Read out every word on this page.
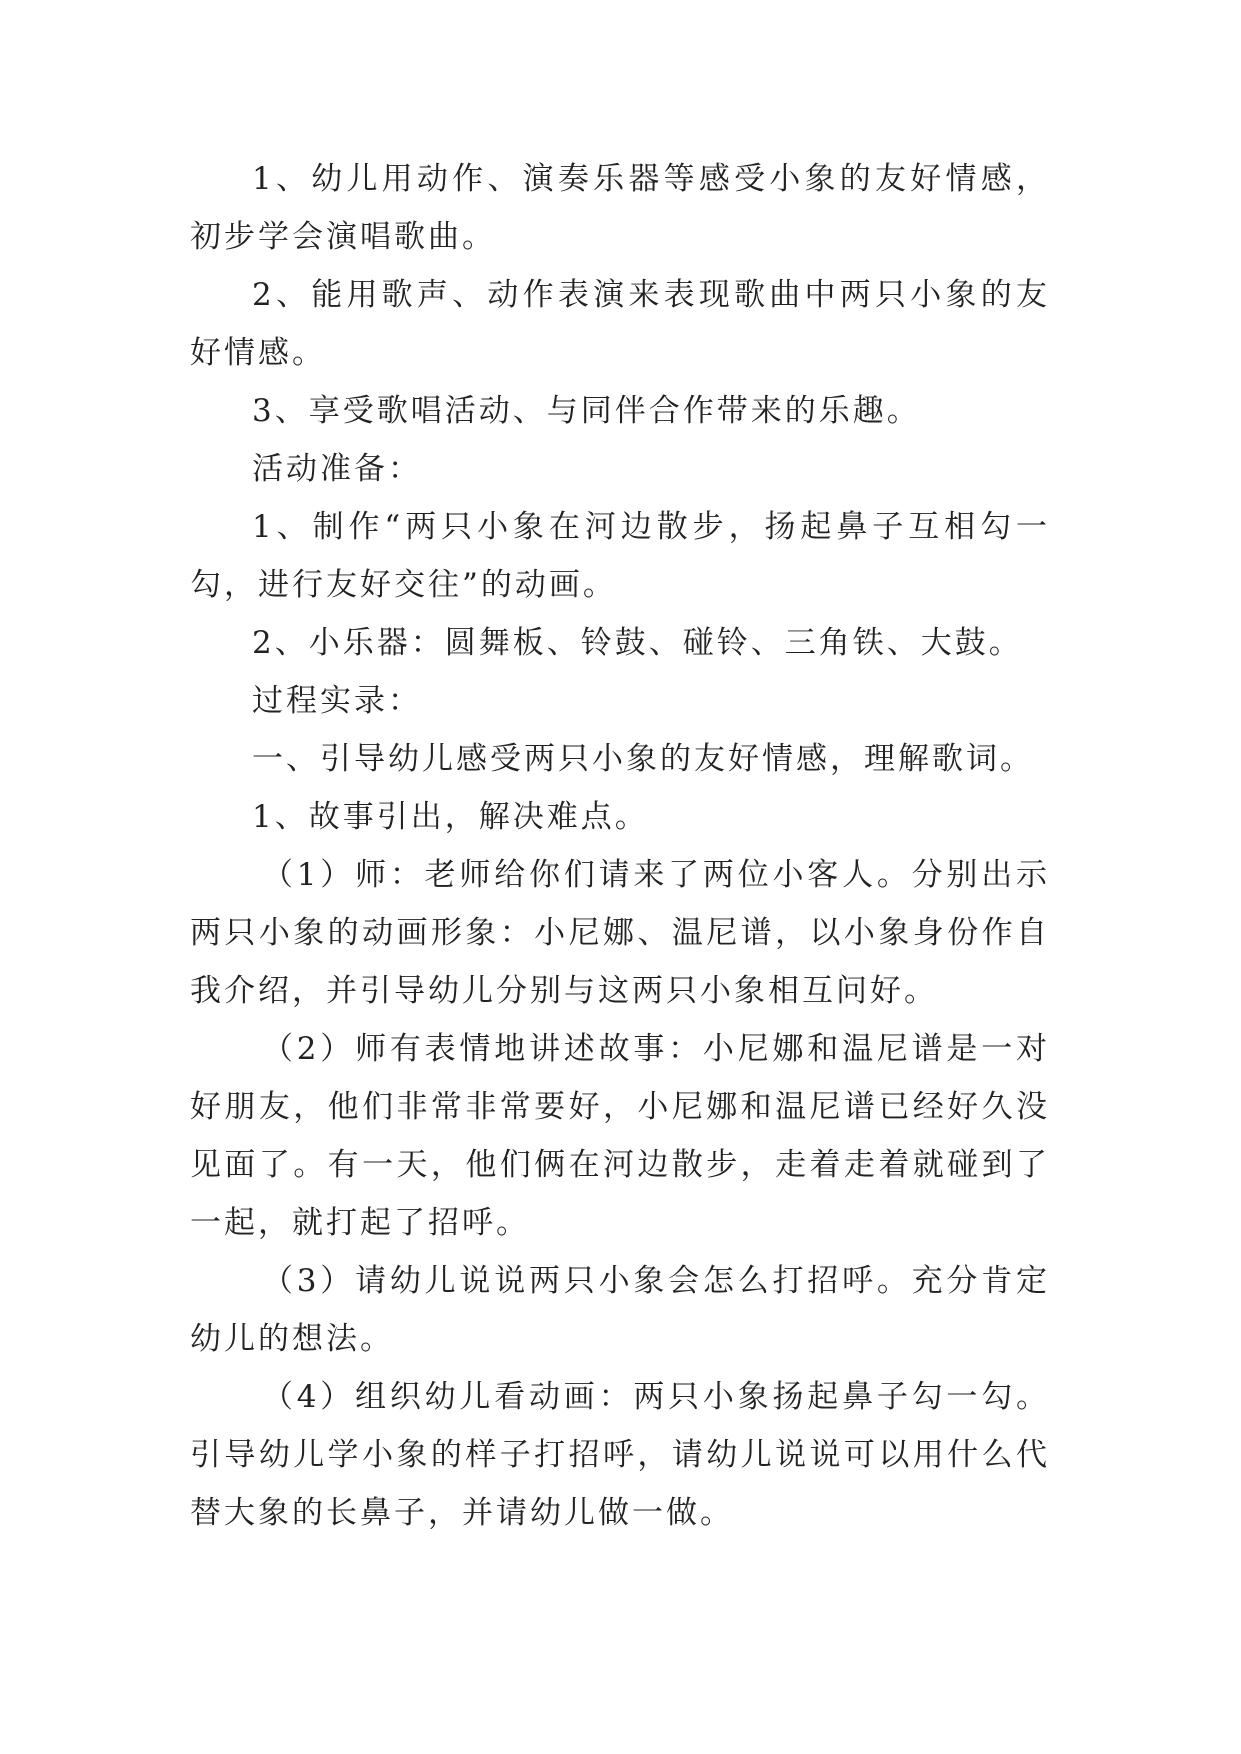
1、幼儿用动作、演奏乐器等感受小象的友好情感，初步学会演唱歌曲。

2、能用歌声、动作表演来表现歌曲中两只小象的友好情感。

3、享受歌唱活动、与同伴合作带来的乐趣。

活动准备：

1、制作“两只小象在河边散步，扬起鼻子互相勾一勾，进行友好交往”的动画。

2、小乐器：圆舞板、铃鼓、碰铃、三角铁、大鼓。

过程实录：

一、引导幼儿感受两只小象的友好情感，理解歌词。

1、故事引出，解决难点。

（1）师：老师给你们请来了两位小客人。分别出示两只小象的动画形象：小尼娜、温尼谱，以小象身份作自我介绍，并引导幼儿分别与这两只小象相互问好。

（2）师有表情地讲述故事：小尼娜和温尼谱是一对好朋友，他们非常非常要好，小尼娜和温尼谱已经好久没见面了。有一天，他们俩在河边散步，走着走着就碰到了一起，就打起了招呼。

（3）请幼儿说说两只小象会怎么打招呼。充分肯定幼儿的想法。

（4）组织幼儿看动画：两只小象扬起鼻子勾一勾。引导幼儿学小象的样子打招呼，请幼儿说说可以用什么代替大象的长鼻子，并请幼儿做一做。
